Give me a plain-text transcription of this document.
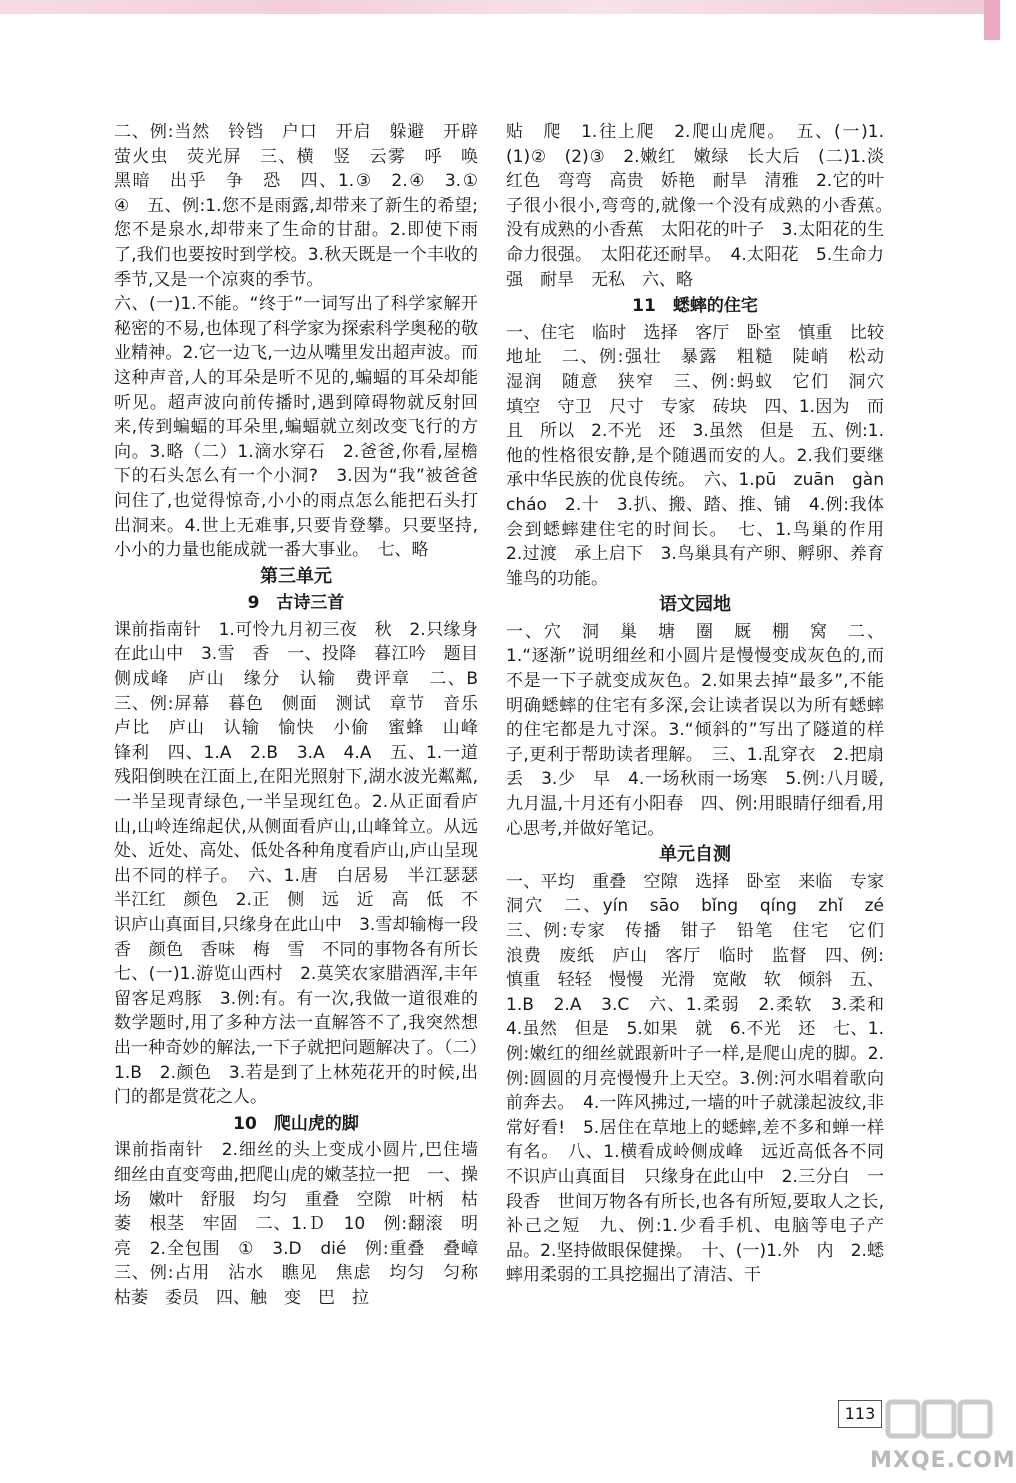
二、例:当然　铃铛　户口　开启　躲避　开辟　萤火虫　荧光屏　三、横　竖　云雾　呼　唤　黑暗　出乎　争　恐　四、1.③　2.④　3.①　④　五、例:1.您不是雨露,却带来了新生的希望;您不是泉水,却带来了生命的甘甜。2.即使下雨了,我们也要按时到学校。3.秋天既是一个丰收的季节,又是一个凉爽的季节。

六、(一)1.不能。“终于”一词写出了科学家解开秘密的不易,也体现了科学家为探索科学奥秘的敬业精神。2.它一边飞,一边从嘴里发出超声波。而这种声音,人的耳朵是听不见的,蝙蝠的耳朵却能听见。超声波向前传播时,遇到障碍物就反射回来,传到蝙蝠的耳朵里,蝙蝠就立刻改变飞行的方向。3.略（二）1.滴水穿石　2.爸爸,你看,屋檐下的石头怎么有一个小洞?　3.因为“我”被爸爸问住了,也觉得惊奇,小小的雨点怎么能把石头打出洞来。4.世上无难事,只要肯登攀。只要坚持,小小的力量也能成就一番大事业。　七、略

第三单元
9　古诗三首

课前指南针　1.可怜九月初三夜　秋　2.只缘身在此山中　3.雪　香　一、投降　暮江吟　题目　侧成峰　庐山　缘分　认输　费评章　二、B　三、例:屏幕　暮色　侧面　测试　章节　音乐　卢比　庐山　认输　愉快　小偷　蜜蜂　山峰　锋利　四、1.A　2.B　3.A　4.A　五、1.一道残阳倒映在江面上,在阳光照射下,湖水波光粼粼,一半呈现青绿色,一半呈现红色。2.从正面看庐山,山岭连绵起伏,从侧面看庐山,山峰耸立。从远处、近处、高处、低处各种角度看庐山,庐山呈现出不同的样子。　六、1.唐　白居易　半江瑟瑟半江红　颜色　2.正　侧　远　近　高　低　不识庐山真面目,只缘身在此山中　3.雪却输梅一段香　颜色　香味　梅　雪　不同的事物各有所长　七、(一)1.游览山西村　2.莫笑农家腊酒浑,丰年留客足鸡豚　3.例:有。有一次,我做一道很难的数学题时,用了多种方法一直解答不了,我突然想出一种奇妙的解法,一下子就把问题解决了。（二）1.B　2.颜色　3.若是到了上林苑花开的时候,出门的都是赏花之人。

10　爬山虎的脚

课前指南针　2.细丝的头上变成小圆片,巴住墙　细丝由直变弯曲,把爬山虎的嫩茎拉一把　一、操场　嫩叶　舒服　均匀　重叠　空隙　叶柄　枯萎　根茎　牢固　二、1.Ｄ　10　例:翻滚　明亮　2.全包围　①　3.D　dié　例:重叠　叠嶂　三、例:占用　沾水　瞧见　焦虑　均匀　匀称　枯萎　委员　四、触　变　巴　拉

贴　爬　1.往上爬　2.爬山虎爬。　五、(一)1.(1)②　(2)③　2.嫩红　嫩绿　长大后　(二)1.淡红色　弯弯　高贵　娇艳　耐旱　清雅　2.它的叶子很小很小,弯弯的,就像一个没有成熟的小香蕉。　没有成熟的小香蕉　太阳花的叶子　3.太阳花的生命力很强。　太阳花还耐旱。　4.太阳花　5.生命力强　耐旱　无私　六、略

11　蟋蟀的住宅

一、住宅　临时　选择　客厅　卧室　慎重　比较　地址　二、例:强壮　暴露　粗糙　陡峭　松动　湿润　随意　狭窄　三、例:蚂蚁　它们　洞穴　填空　守卫　尺寸　专家　砖块　四、1.因为　而且　所以　2.不光　还　3.虽然　但是　五、例:1.他的性格很安静,是个随遇而安的人。2.我们要继承中华民族的优良传统。　六、1.pū　zuān　gàn　cháo　2.十　3.扒、搬、踏、推、铺　4.例:我体会到蟋蟀建住宅的时间长。　七、1.鸟巢的作用　2.过渡　承上启下　3.鸟巢具有产卵、孵卵、养育雏鸟的功能。

语文园地

一、穴　洞　巢　塘　圈　厩　棚　窝　二、1.“逐渐”说明细丝和小圆片是慢慢变成灰色的,而不是一下子就变成灰色。2.如果去掉“最多”,不能明确蟋蟀的住宅有多深,会让读者误以为所有蟋蟀的住宅都是九寸深。3.“倾斜的”写出了隧道的样子,更利于帮助读者理解。　三、1.乱穿衣　2.把扇丢　3.少　早　4.一场秋雨一场寒　5.例:八月暖,九月温,十月还有小阳春　四、例:用眼睛仔细看,用心思考,并做好笔记。

单元自测

一、平均　重叠　空隙　选择　卧室　来临　专家　洞穴　二、yín　sāo　bǐng　qíng　zhǐ　zé　三、例:专家　传播　钳子　铅笔　住宅　它们　浪费　废纸　庐山　客厅　临时　监督　四、例:慎重　轻轻　慢慢　光滑　宽敞　软　倾斜　五、1.B　2.A　3.C　六、1.柔弱　2.柔软　3.柔和　4.虽然　但是　5.如果　就　6.不光　还　七、1.例:嫩红的细丝就跟新叶子一样,是爬山虎的脚。2.例:圆圆的月亮慢慢升上天空。3.例:河水唱着歌向前奔去。　4.一阵风拂过,一墙的叶子就漾起波纹,非常好看!　5.居住在草地上的蟋蟀,差不多和蝉一样有名。　八、1.横看成岭侧成峰　远近高低各不同　不识庐山真面目　只缘身在此山中　2.三分白　一段香　世间万物各有所长,也各有所短,要取人之长,补己之短　九、例:1.少看手机、电脑等电子产品。2.坚持做眼保健操。　十、(一)1.外　内　2.蟋蟀用柔弱的工具挖掘出了清洁、干

113
MXQE.COM
